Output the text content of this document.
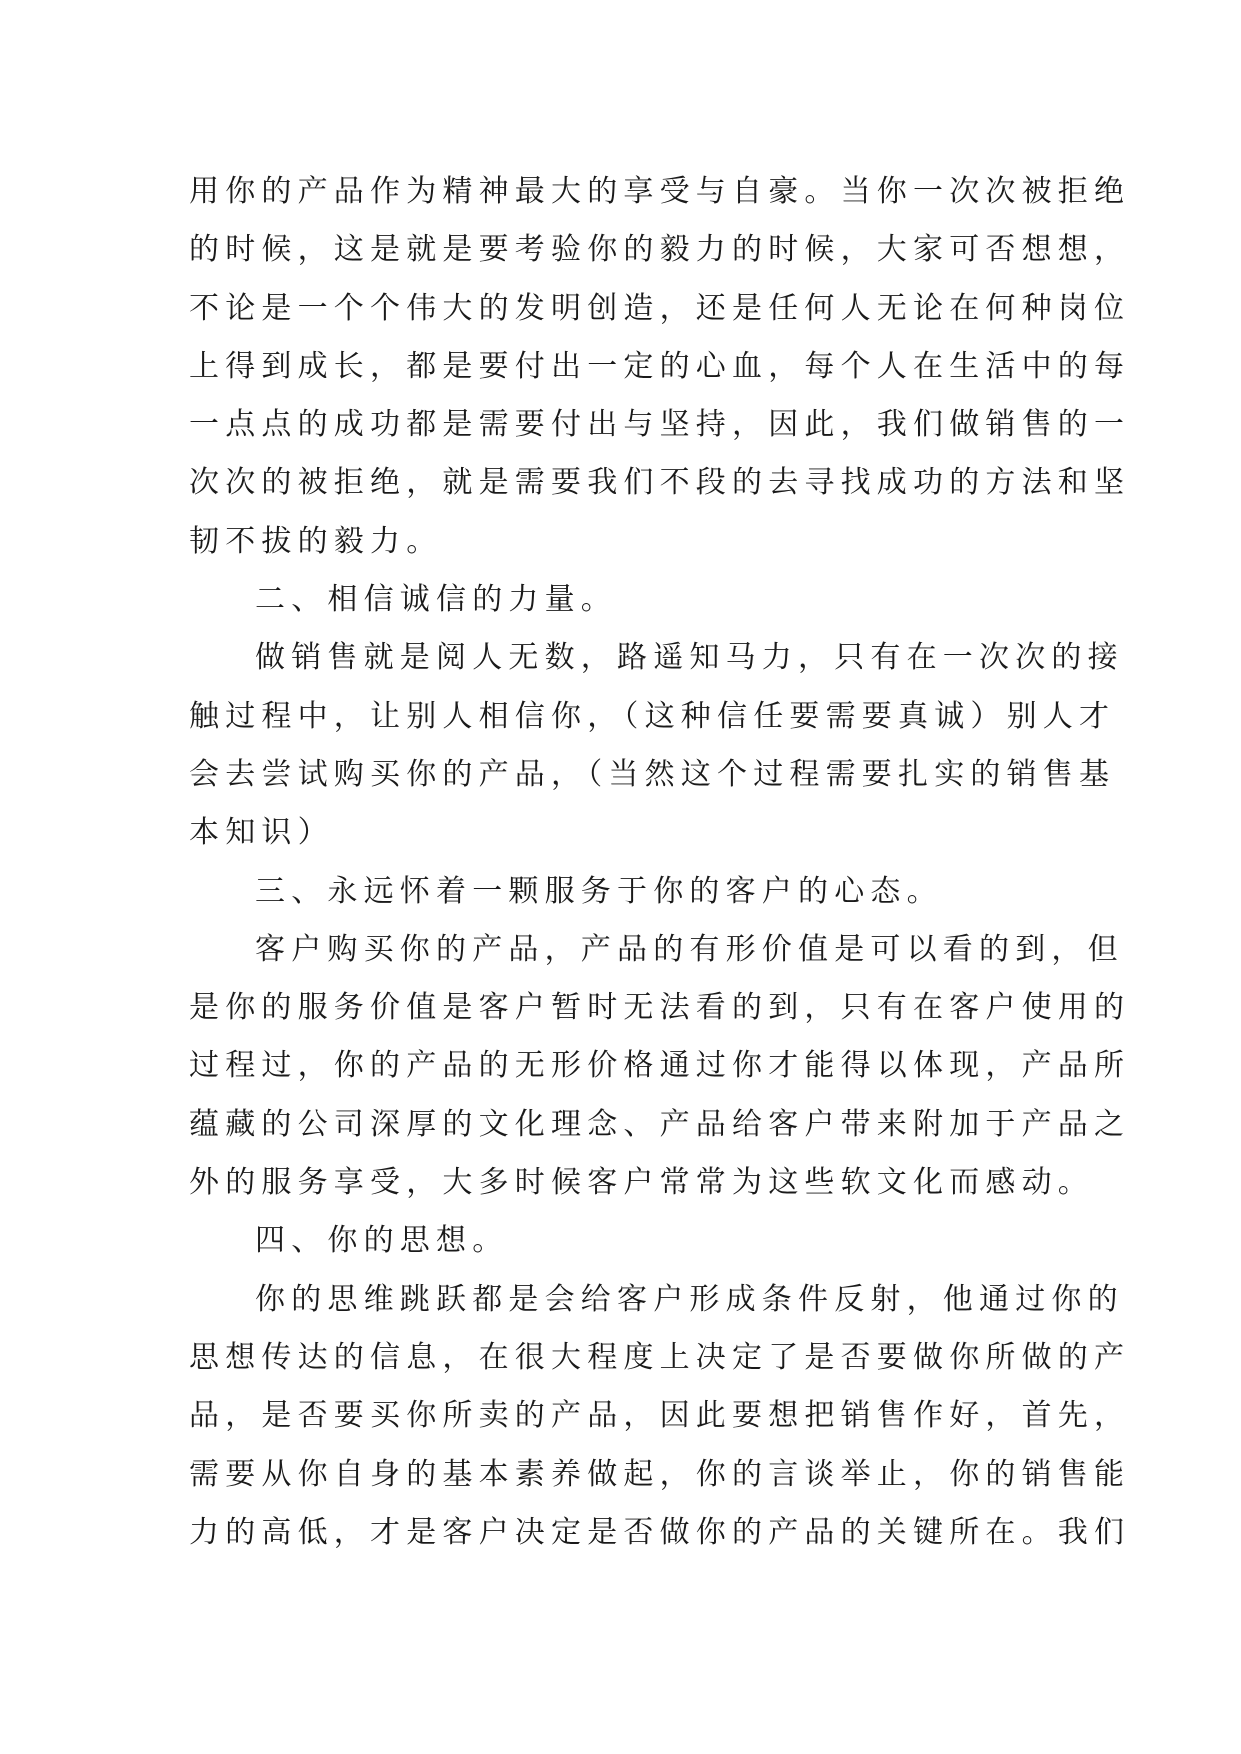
用你的产品作为精神最大的享受与自豪。当你一次次被拒绝
的时候，这是就是要考验你的毅力的时候，大家可否想想，
不论是一个个伟大的发明创造，还是任何人无论在何种岗位
上得到成长，都是要付出一定的心血，每个人在生活中的每
一点点的成功都是需要付出与坚持，因此，我们做销售的一
次次的被拒绝，就是需要我们不段的去寻找成功的方法和坚
韧不拔的毅力。
二、相信诚信的力量。
做销售就是阅人无数，路遥知马力，只有在一次次的接
触过程中，让别人相信你，（这种信任要需要真诚）别人才
会去尝试购买你的产品，（当然这个过程需要扎实的销售基
本知识）
三、永远怀着一颗服务于你的客户的心态。
客户购买你的产品，产品的有形价值是可以看的到，但
是你的服务价值是客户暂时无法看的到，只有在客户使用的
过程过，你的产品的无形价格通过你才能得以体现，产品所
蕴藏的公司深厚的文化理念、产品给客户带来附加于产品之
外的服务享受，大多时候客户常常为这些软文化而感动。
四、你的思想。
你的思维跳跃都是会给客户形成条件反射，他通过你的
思想传达的信息，在很大程度上决定了是否要做你所做的产
品，是否要买你所卖的产品，因此要想把销售作好，首先，
需要从你自身的基本素养做起，你的言谈举止，你的销售能
力的高低，才是客户决定是否做你的产品的关键所在。我们
